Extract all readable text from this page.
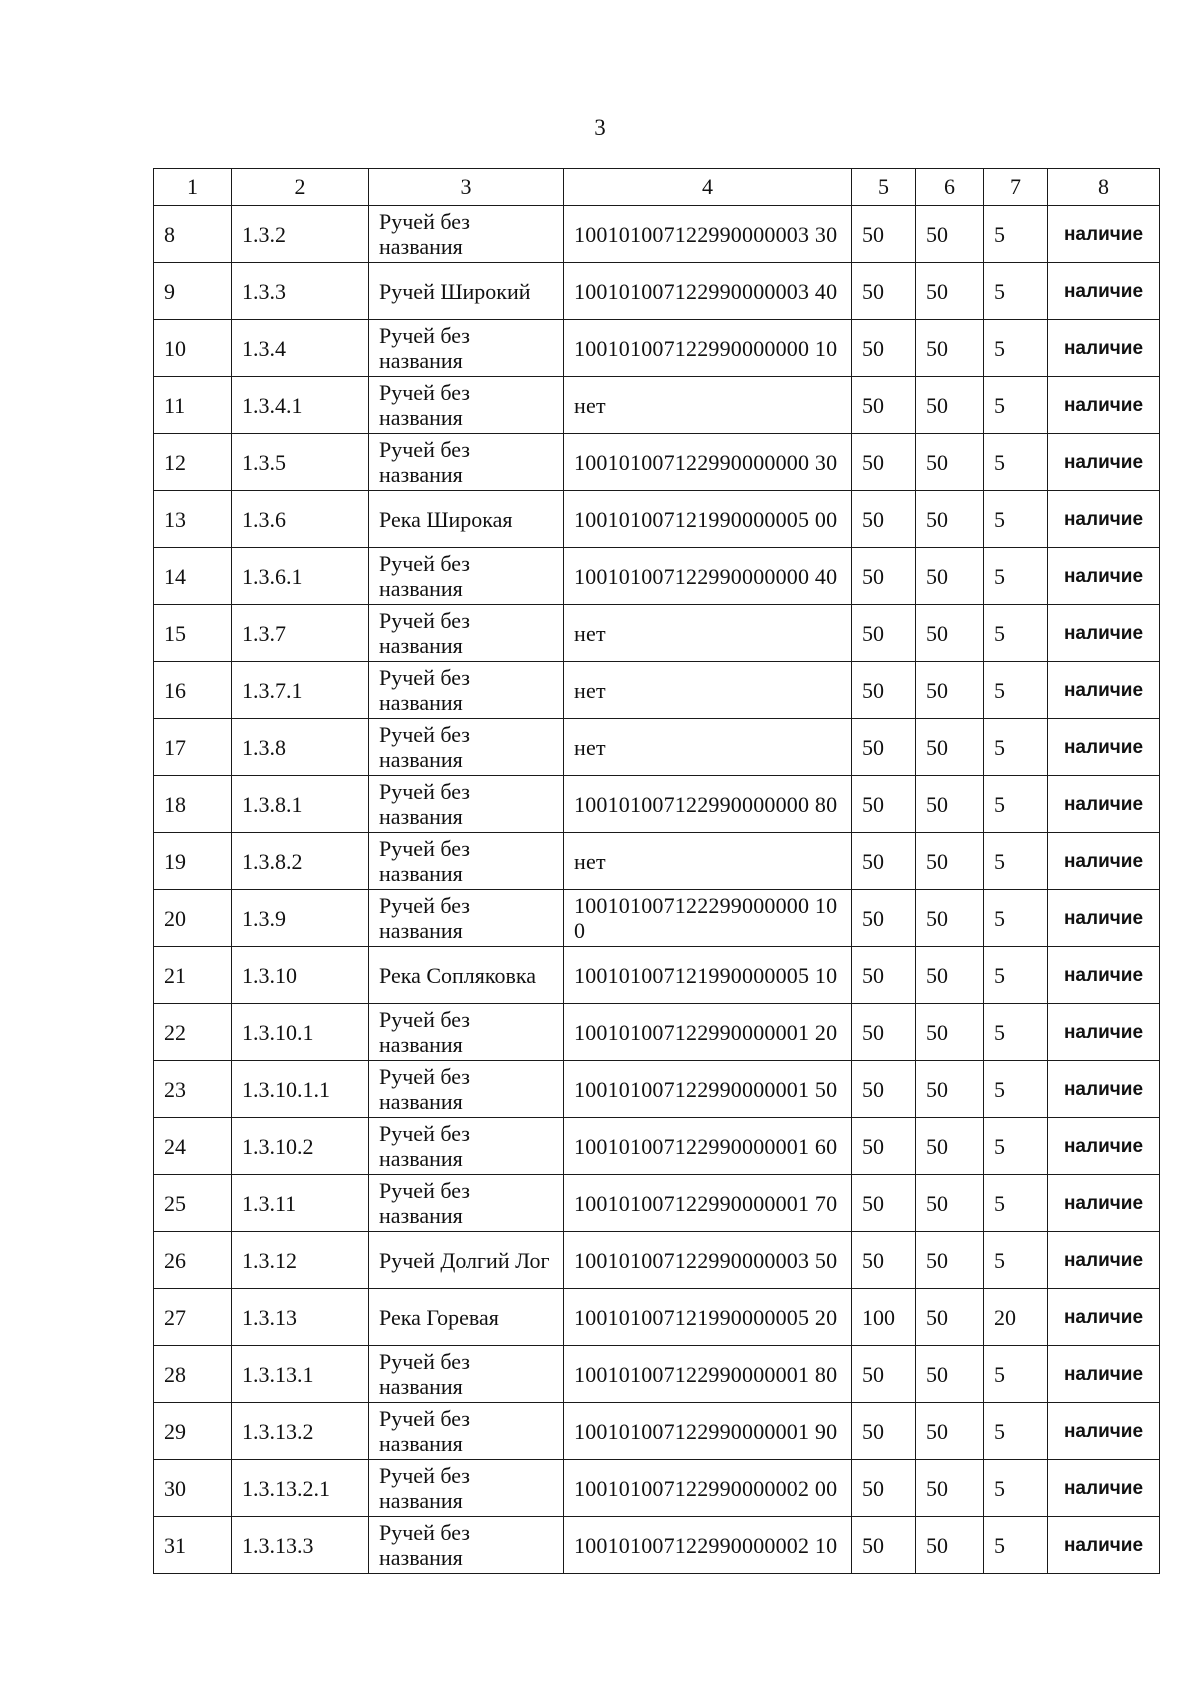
3
1	2	3	4	5	6	7	8
8	1.3.2	Ручей без названия	100101007122990000003 30	50	50	5	наличие
9	1.3.3	Ручей Широкий	100101007122990000003 40	50	50	5	наличие
10	1.3.4	Ручей без названия	100101007122990000000 10	50	50	5	наличие
11	1.3.4.1	Ручей без названия	нет	50	50	5	наличие
12	1.3.5	Ручей без названия	100101007122990000000 30	50	50	5	наличие
13	1.3.6	Река Широкая	100101007121990000005 00	50	50	5	наличие
14	1.3.6.1	Ручей без названия	100101007122990000000 40	50	50	5	наличие
15	1.3.7	Ручей без названия	нет	50	50	5	наличие
16	1.3.7.1	Ручей без названия	нет	50	50	5	наличие
17	1.3.8	Ручей без названия	нет	50	50	5	наличие
18	1.3.8.1	Ручей без названия	100101007122990000000 80	50	50	5	наличие
19	1.3.8.2	Ручей без названия	нет	50	50	5	наличие
20	1.3.9	Ручей без названия	100101007122299000000 100	50	50	5	наличие
21	1.3.10	Река Сопляковка	100101007121990000005 10	50	50	5	наличие
22	1.3.10.1	Ручей без названия	100101007122990000001 20	50	50	5	наличие
23	1.3.10.1.1	Ручей без названия	100101007122990000001 50	50	50	5	наличие
24	1.3.10.2	Ручей без названия	100101007122990000001 60	50	50	5	наличие
25	1.3.11	Ручей без названия	100101007122990000001 70	50	50	5	наличие
26	1.3.12	Ручей Долгий Лог	100101007122990000003 50	50	50	5	наличие
27	1.3.13	Река Горевая	100101007121990000005 20	100	50	20	наличие
28	1.3.13.1	Ручей без названия	100101007122990000001 80	50	50	5	наличие
29	1.3.13.2	Ручей без названия	100101007122990000001 90	50	50	5	наличие
30	1.3.13.2.1	Ручей без названия	100101007122990000002 00	50	50	5	наличие
31	1.3.13.3	Ручей без названия	100101007122990000002 10	50	50	5	наличие
